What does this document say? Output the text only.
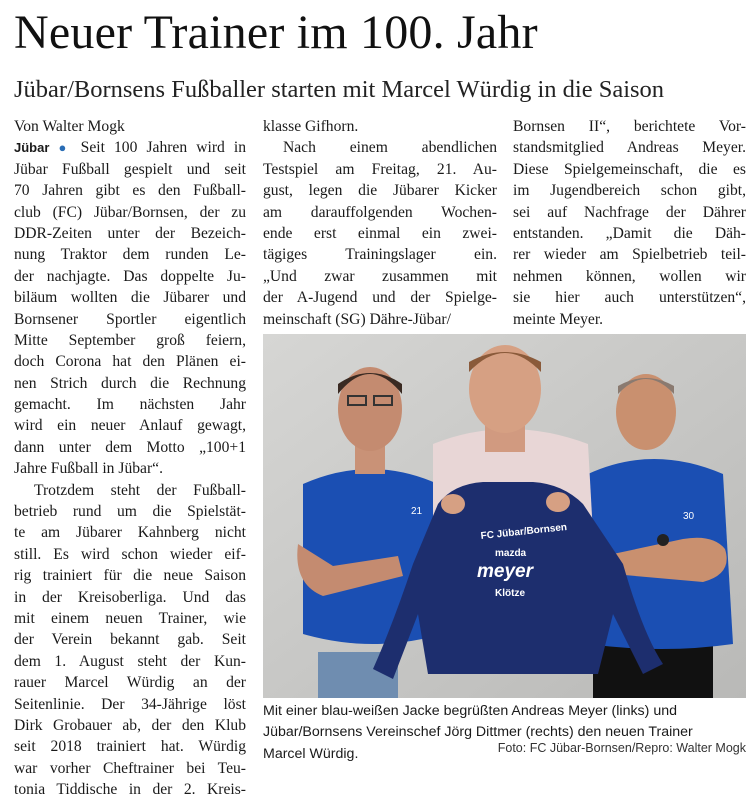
Neuer Trainer im 100. Jahr
Jübar/Bornsens Fußballer starten mit Marcel Würdig in die Saison
Von Walter Mogk
Jübar ● Seit 100 Jahren wird in
Jübar Fußball gespielt und seit
70 Jahren gibt es den Fußball-
club (FC) Jübar/Bornsen, der zu
DDR-Zeiten unter der Bezeich-
nung Traktor dem runden Le-
der nachjagte. Das doppelte Ju-
biläum wollten die Jübarer und
Bornsener Sportler eigentlich
Mitte September groß feiern,
doch Corona hat den Plänen ei-
nen Strich durch die Rechnung
gemacht. Im nächsten Jahr
wird ein neuer Anlauf gewagt,
dann unter dem Motto „100+1
Jahre Fußball in Jübar“.
Trotzdem steht der Fußball-
betrieb rund um die Spielstät-
te am Jübarer Kahnberg nicht
still. Es wird schon wieder eif-
rig trainiert für die neue Saison
in der Kreisoberliga. Und das
mit einem neuen Trainer, wie
der Verein bekannt gab. Seit
dem 1. August steht der Kun-
rauer Marcel Würdig an der
Seitenlinie. Der 34-Jährige löst
Dirk Grobauer ab, der den Klub
seit 2018 trainiert hat. Würdig
war vorher Cheftrainer bei Teu-
tonia Tiddische in der 2. Kreis-
klasse Gifhorn.
Nach einem abendlichen
Testspiel am Freitag, 21. Au-
gust, legen die Jübarer Kicker
am darauffolgenden Wochen-
ende erst einmal ein zwei-
tägiges Trainingslager ein.
„Und zwar zusammen mit
der A-Jugend und der Spielge-
meinschaft (SG) Dähre-Jübar/
Bornsen II“, berichtete Vor-
standsmitglied Andreas Meyer.
Diese Spielgemeinschaft, die es
im Jugendbereich schon gibt,
sei auf Nachfrage der Dährer
entstanden. „Damit die Däh-
rer wieder am Spielbetrieb teil-
nehmen können, wollen wir
sie hier auch unterstützen“,
meinte Meyer.
21	30
FC Jübar/Bornsen
mazda
meyer
Klötze
Mit einer blau-weißen Jacke begrüßten Andreas Meyer (links) und
Jübar/Bornsens Vereinschef Jörg Dittmer (rechts) den neuen Trainer
Marcel Würdig.	Foto: FC Jübar-Bornsen/Repro: Walter Mogk
